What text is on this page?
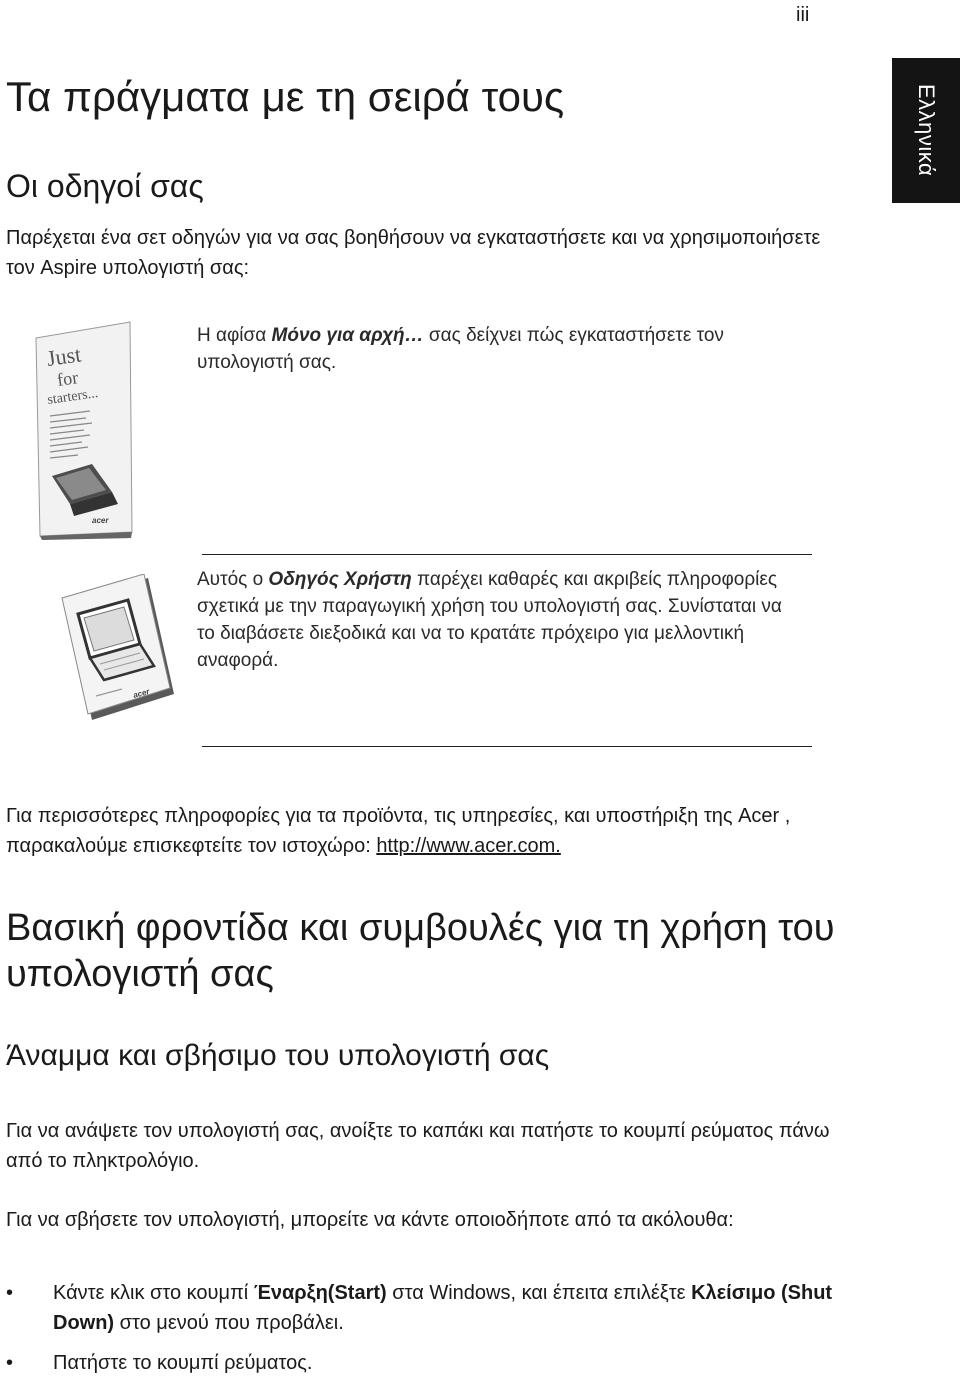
iii
Ελληνικά
Τα πράγματα με τη σειρά τους
Οι οδηγοί σας

Παρέχεται ένα σετ οδηγών για να σας βοηθήσουν να εγκαταστήσετε και να χρησιμοποιήσετε τον Aspire υπολογιστή σας:

Just
for
starters...
acer

Η αφίσα Μόνο για αρχή… σας δείχνει πώς εγκαταστήσετε τον υπολογιστή σας.

acer

Αυτός ο Οδηγός Χρήστη παρέχει καθαρές και ακριβείς πληροφορίες σχετικά με την παραγωγική χρήση του υπολογιστή σας. Συνίσταται να το διαβάσετε διεξοδικά και να το κρατάτε πρόχειρο για μελλοντική αναφορά.

Για περισσότερες πληροφορίες για τα προϊόντα, τις υπηρεσίες, και υποστήριξη της Acer ,
παρακαλούμε επισκεφτείτε τον ιστοχώρο: http://www.acer.com.

Βασική φροντίδα και συμβουλές για τη χρήση του υπολογιστή σας
Άναμμα και σβήσιμο του υπολογιστή σας

Για να ανάψετε τον υπολογιστή σας, ανοίξτε το καπάκι και πατήστε το κουμπί ρεύματος πάνω από το πληκτρολόγιο.

Για να σβήσετε τον υπολογιστή, μπορείτε να κάντε οποιοδήποτε από τα ακόλουθα:

• Κάντε κλικ στο κουμπί Έναρξη(Start) στα Windows, και έπειτα επιλέξτε Κλείσιμο (Shut Down) στο μενού που προβάλει.
• Πατήστε το κουμπί ρεύματος.
